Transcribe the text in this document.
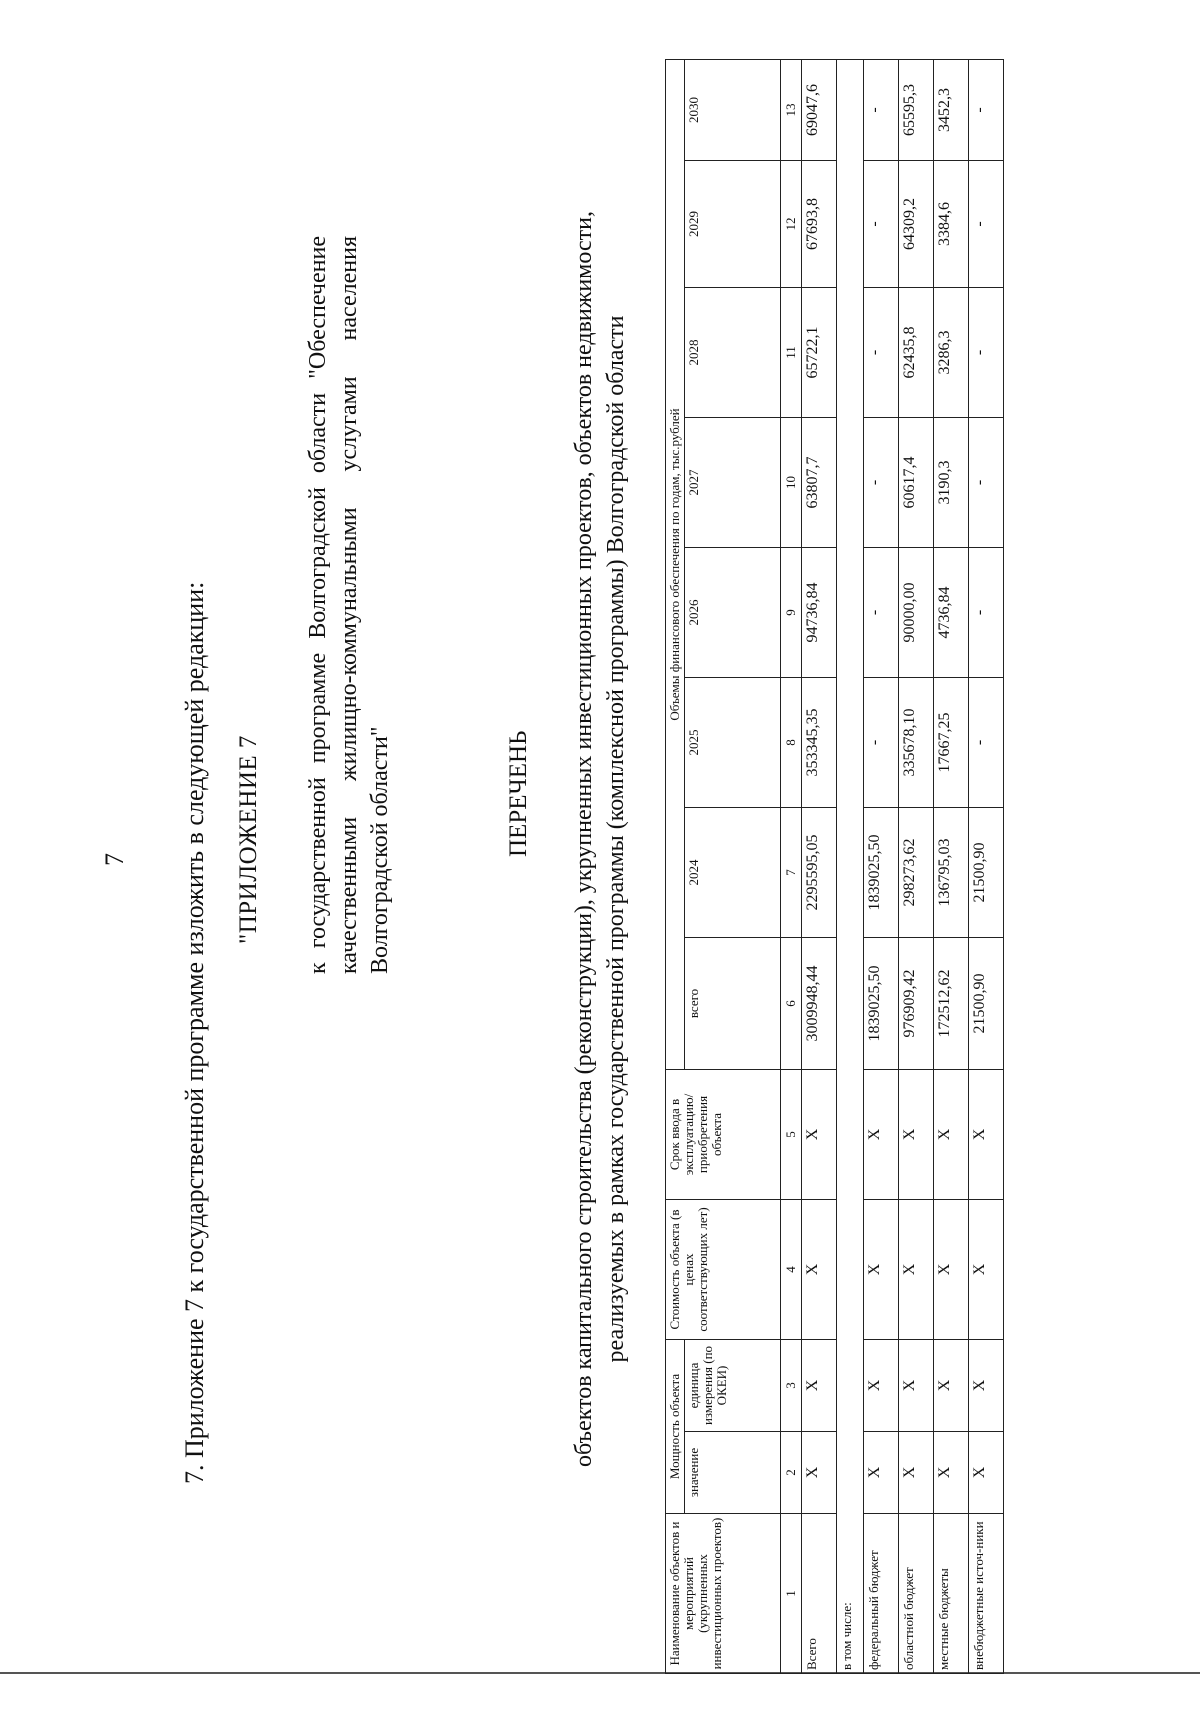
7 7. Приложение 7 к государственной программе изложить в следующей редакции: "ПРИЛОЖЕНИЕ 7 к государственной программе Волгоградской области "Обеспечение качественными жилищно-коммунальными услугами населения Волгоградской области"	ПЕРЕЧЕНЬ объектов капитального строительства (реконструкции), укрупненных инвестиционных проектов, объектов недвижимости, реализуемых в рамках государственной программы (комплексной программы) Волгоградской области
Наименование объектов и мероприятий (укрупненных инвестиционных проектов)	Мощность объекта		Стоимость объекта (в ценах соответствующих лет)	Срок ввода в эксплуатацию/ приобретения объекта	Объемы финансового обеспечения по годам, тыс.рублей							
	значение	единица измерения (по ОКЕИ)			всего	2024	2025	2026	2027	2028	2029	2030
1	2	3	4	5	6	7	8	9	10	11	12	13
Всего	Х	Х	Х	Х	3009948,44	2295595,05	353345,35	94736,84	63807,7	65722,1	67693,8	69047,6
в том числе:												
федеральный бюджет	Х	Х	Х	Х	1839025,50	1839025,50	-	-	-	-	-	-
областной бюджет	Х	Х	Х	Х	976909,42	298273,62	335678,10	90000,00	60617,4	62435,8	64309,2	65595,3
местные бюджеты	Х	Х	Х	Х	172512,62	136795,03	17667,25	4736,84	3190,3	3286,3	3384,6	3452,3
внебюджетные источ-ники	Х	Х	Х	Х	21500,90	21500,90	-	-	-	-	-	-
